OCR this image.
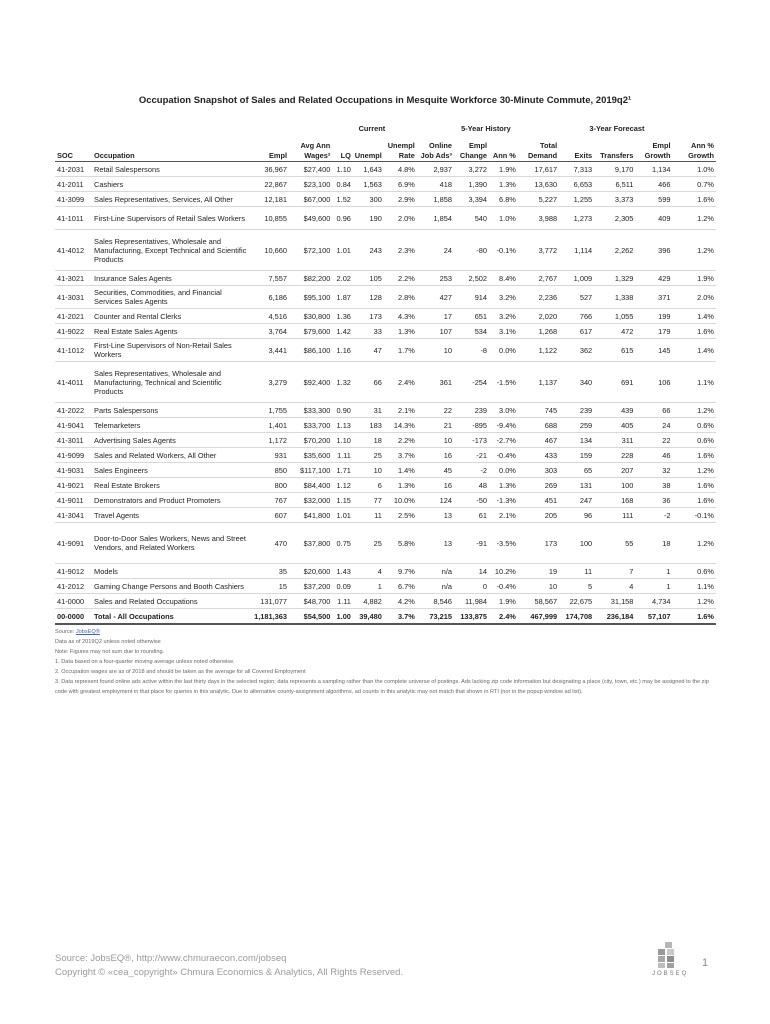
Occupation Snapshot of Sales and Related Occupations in Mesquite Workforce 30-Minute Commute, 2019q2¹
		Current						5-Year History		3-Year Forecast				
SOC	Occupation	Empl	Avg Ann Wages²	LQ	Unempl	Unempl Rate	Online Job Ads³	Empl Change	Ann %	Total Demand	Exits	Transfers	Empl Growth	Ann % Growth
41-2031	Retail Salespersons	36,967	$27,400	1.10	1,643	4.8%	2,937	3,272	1.9%	17,617	7,313	9,170	1,134	1.0%
41-2011	Cashiers	22,867	$23,100	0.84	1,563	6.9%	418	1,390	1.3%	13,630	6,653	6,511	466	0.7%
41-3099	Sales Representatives, Services, All Other	12,181	$67,000	1.52	300	2.9%	1,858	3,394	6.8%	5,227	1,255	3,373	599	1.6%
41-1011	First-Line Supervisors of Retail Sales Workers	10,855	$49,600	0.96	190	2.0%	1,854	540	1.0%	3,988	1,273	2,305	409	1.2%
41-4012	Sales Representatives, Wholesale and Manufacturing, Except Technical and Scientific Products	10,660	$72,100	1.01	243	2.3%	24	-80	-0.1%	3,772	1,114	2,262	396	1.2%
41-3021	Insurance Sales Agents	7,557	$82,200	2.02	105	2.2%	253	2,502	8.4%	2,767	1,009	1,329	429	1.9%
41-3031	Securities, Commodities, and Financial Services Sales Agents	6,186	$95,100	1.87	128	2.8%	427	914	3.2%	2,236	527	1,338	371	2.0%
41-2021	Counter and Rental Clerks	4,516	$30,800	1.36	173	4.3%	17	651	3.2%	2,020	766	1,055	199	1.4%
41-9022	Real Estate Sales Agents	3,764	$79,600	1.42	33	1.3%	107	534	3.1%	1,268	617	472	179	1.6%
41-1012	First-Line Supervisors of Non-Retail Sales Workers	3,441	$86,100	1.16	47	1.7%	10	-8	0.0%	1,122	362	615	145	1.4%
41-4011	Sales Representatives, Wholesale and Manufacturing, Technical and Scientific Products	3,279	$92,400	1.32	66	2.4%	361	-254	-1.5%	1,137	340	691	106	1.1%
41-2022	Parts Salespersons	1,755	$33,300	0.90	31	2.1%	22	239	3.0%	745	239	439	66	1.2%
41-9041	Telemarketers	1,401	$33,700	1.13	183	14.3%	21	-895	-9.4%	688	259	405	24	0.6%
41-3011	Advertising Sales Agents	1,172	$70,200	1.10	18	2.2%	10	-173	-2.7%	467	134	311	22	0.6%
41-9099	Sales and Related Workers, All Other	931	$35,600	1.11	25	3.7%	16	-21	-0.4%	433	159	228	46	1.6%
41-9031	Sales Engineers	850	$117,100	1.71	10	1.4%	45	-2	0.0%	303	65	207	32	1.2%
41-9021	Real Estate Brokers	800	$84,400	1.12	6	1.3%	16	48	1.3%	269	131	100	38	1.6%
41-9011	Demonstrators and Product Promoters	767	$32,000	1.15	77	10.0%	124	-50	-1.3%	451	247	168	36	1.6%
41-3041	Travel Agents	607	$41,800	1.01	11	2.5%	13	61	2.1%	205	96	111	-2	-0.1%
41-9091	Door-to-Door Sales Workers, News and Street Vendors, and Related Workers	470	$37,800	0.75	25	5.8%	13	-91	-3.5%	173	100	55	18	1.2%
41-9012	Models	35	$20,600	1.43	4	9.7%	n/a	14	10.2%	19	11	7	1	0.6%
41-2012	Gaming Change Persons and Booth Cashiers	15	$37,200	0.09	1	6.7%	n/a	0	-0.4%	10	5	4	1	1.1%
41-0000	Sales and Related Occupations	131,077	$48,700	1.11	4,882	4.2%	8,546	11,984	1.9%	58,567	22,675	31,158	4,734	1.2%
00-0000	Total - All Occupations	1,181,363	$54,500	1.00	39,480	3.7%	73,215	133,875	2.4%	467,999	174,708	236,184	57,107	1.6%
Source: JobsEQ®
Data as of 2019Q2 unless noted otherwise
Note: Figures may not sum due to rounding.
1. Data based on a four-quarter moving average unless noted otherwise.
2. Occupation wages are as of 2018 and should be taken as the average for all Covered Employment
3. Data represent found online ads active within the last thirty days in the selected region; data represents a sampling rather than the complete universe of postings. Ads lacking zip code information but designating a place (city, town, etc.) may be assigned to the zip code with greatest employment in that place for queries in this analytic. Due to alternative county-assignment algorithms, ad counts in this analytic may not match that shown in RTI (nor in the popup window ad list).
Source: JobsEQ®, http://www.chmuraecon.com/jobseq
Copyright © «cea_copyright» Chmura Economics & Analytics, All Rights Reserved.	JOBSEQ
1
